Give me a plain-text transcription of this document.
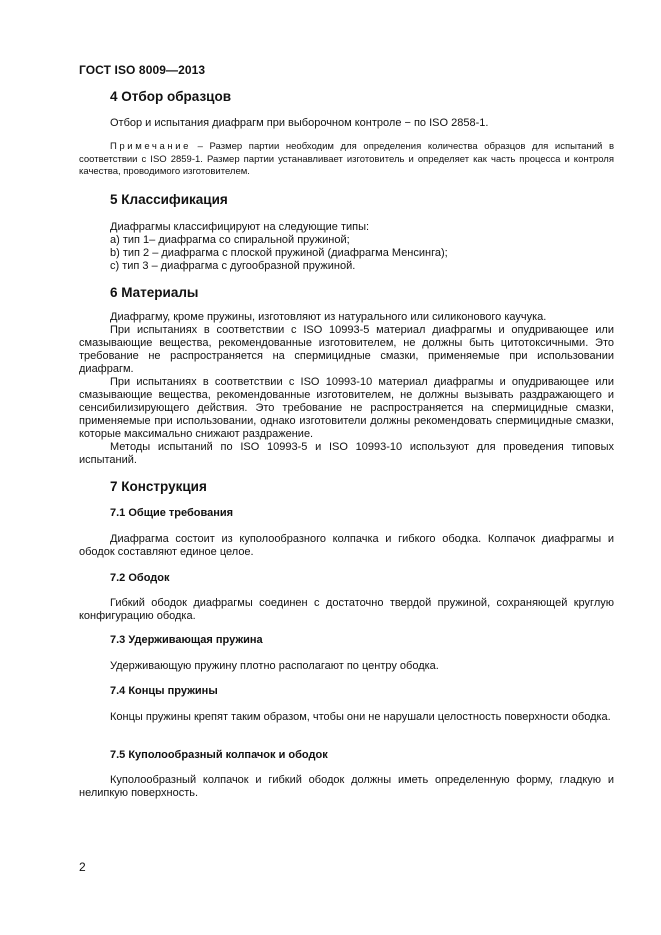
ГОСТ ISO 8009—2013
4 Отбор образцов
Отбор и испытания диафрагм при выборочном контроле − по ISO 2858-1.
Примечание – Размер партии необходим для определения количества образцов для испытаний в соответствии с ISO 2859-1. Размер партии устанавливает изготовитель и определяет как часть процесса и контроля качества, проводимого изготовителем.
5 Классификация
Диафрагмы классифицируют на следующие типы:
a) тип 1– диафрагма со спиральной пружиной;
b) тип 2 – диафрагма с плоской пружиной (диафрагма Менсинга);
c) тип 3 – диафрагма с дугообразной пружиной.
6 Материалы
Диафрагму, кроме пружины, изготовляют из натурального или силиконового каучука.
При испытаниях в соответствии с ISO 10993-5 материал диафрагмы и опудривающее или смазывающие вещества, рекомендованные изготовителем, не должны быть цитотоксичными. Это требование не распространяется на спермицидные смазки, применяемые при использовании диафрагм.
При испытаниях в соответствии с ISO 10993-10 материал диафрагмы и опудривающее или смазывающие вещества, рекомендованные изготовителем, не должны вызывать раздражающего и сенсибилизирующего действия. Это требование не распространяется на спермицидные смазки, применяемые при использовании, однако изготовители должны рекомендовать спермицидные смазки, которые максимально снижают раздражение.
Методы испытаний по ISO 10993-5 и ISO 10993-10 используют для проведения типовых испытаний.
7 Конструкция
7.1 Общие требования
Диафрагма состоит из куполообразного колпачка и гибкого ободка. Колпачок диафрагмы и ободок составляют единое целое.
7.2 Ободок
Гибкий ободок диафрагмы соединен с достаточно твердой пружиной, сохраняющей круглую конфигурацию ободка.
7.3 Удерживающая пружина
Удерживающую пружину плотно располагают по центру ободка.
7.4 Концы пружины
Концы пружины крепят таким образом, чтобы они не нарушали целостность поверхности ободка.
7.5 Куполообразный колпачок и ободок
Куполообразный колпачок и гибкий ободок должны иметь определенную форму, гладкую и нелипкую поверхность.
2
